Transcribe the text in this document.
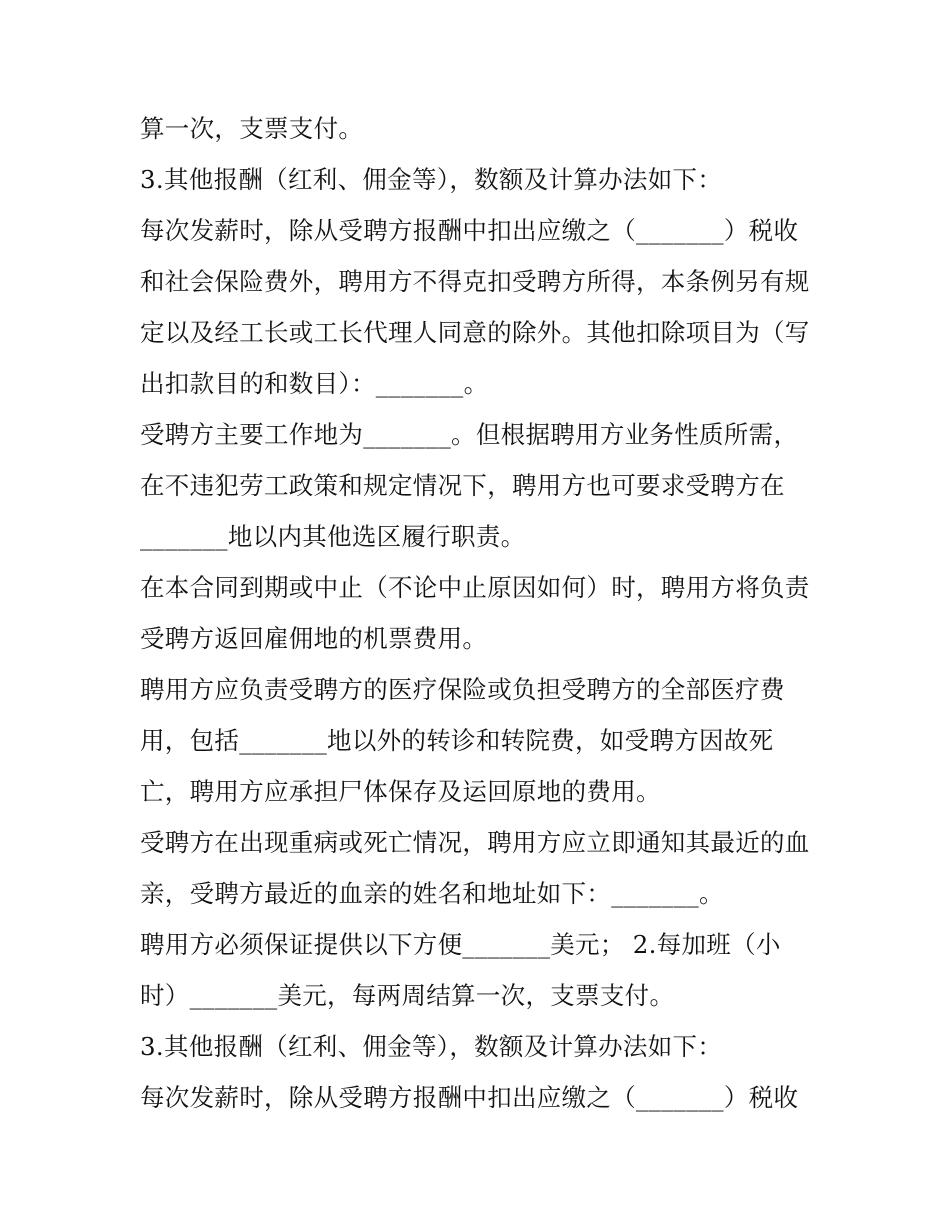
算一次，支票支付。
3.其他报酬（红利、佣金等），数额及计算办法如下：
每次发薪时，除从受聘方报酬中扣出应缴之（_______）税收
和社会保险费外，聘用方不得克扣受聘方所得，本条例另有规
定以及经工长或工长代理人同意的除外。其他扣除项目为（写
出扣款目的和数目）：_______。
受聘方主要工作地为_______。但根据聘用方业务性质所需，
在不违犯劳工政策和规定情况下，聘用方也可要求受聘方在
_______地以内其他选区履行职责。
在本合同到期或中止（不论中止原因如何）时，聘用方将负责
受聘方返回雇佣地的机票费用。
聘用方应负责受聘方的医疗保险或负担受聘方的全部医疗费
用，包括_______地以外的转诊和转院费，如受聘方因故死
亡，聘用方应承担尸体保存及运回原地的费用。
受聘方在出现重病或死亡情况，聘用方应立即通知其最近的血
亲，受聘方最近的血亲的姓名和地址如下：_______。
聘用方必须保证提供以下方便_______美元； 2.每加班（小
时）_______美元，每两周结算一次，支票支付。
3.其他报酬（红利、佣金等），数额及计算办法如下：
每次发薪时，除从受聘方报酬中扣出应缴之（_______）税收
